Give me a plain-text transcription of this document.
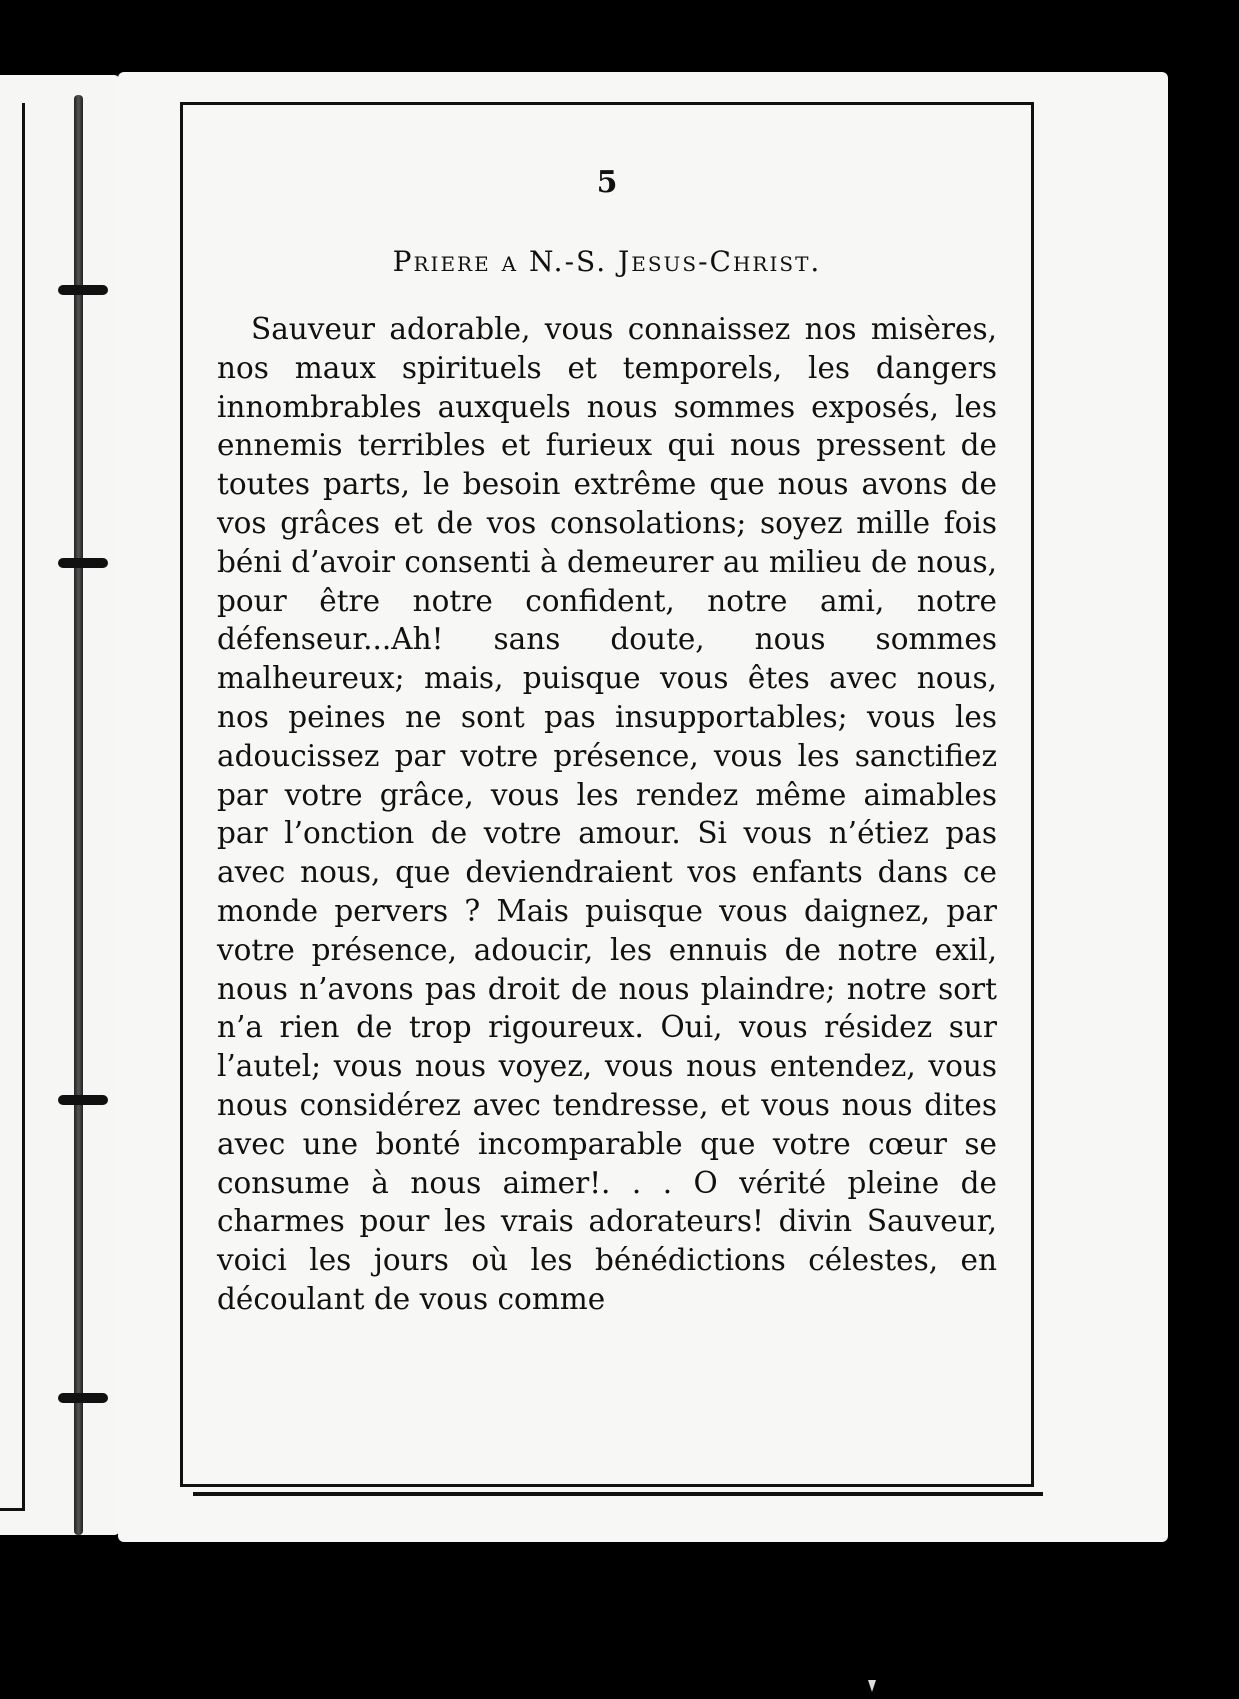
5
Priere a N.-S. Jesus-Christ.

Sauveur adorable, vous connaissez nos misères, nos maux spirituels et temporels, les dangers innombrables auxquels nous sommes exposés, les ennemis terribles et furieux qui nous pressent de toutes parts, le besoin extrême que nous avons de vos grâces et de vos consolations; soyez mille fois béni d’avoir consenti à demeurer au milieu de nous, pour être notre confident, notre ami, notre défenseur...Ah! sans doute, nous sommes malheureux; mais, puisque vous êtes avec nous, nos peines ne sont pas insupportables; vous les adoucissez par votre présence, vous les sanctifiez par votre grâce, vous les rendez même aimables par l’onction de votre amour. Si vous n’étiez pas avec nous, que deviendraient vos enfants dans ce monde pervers ? Mais puisque vous daignez, par votre présence, adoucir, les ennuis de notre exil, nous n’avons pas droit de nous plaindre; notre sort n’a rien de trop rigoureux. Oui, vous résidez sur l’autel; vous nous voyez, vous nous entendez, vous nous considérez avec tendresse, et vous nous dites avec une bonté incomparable que votre cœur se consume à nous aimer!. . . O vérité pleine de charmes pour les vrais adorateurs! divin Sauveur, voici les jours où les bénédictions célestes, en découlant de vous comme
